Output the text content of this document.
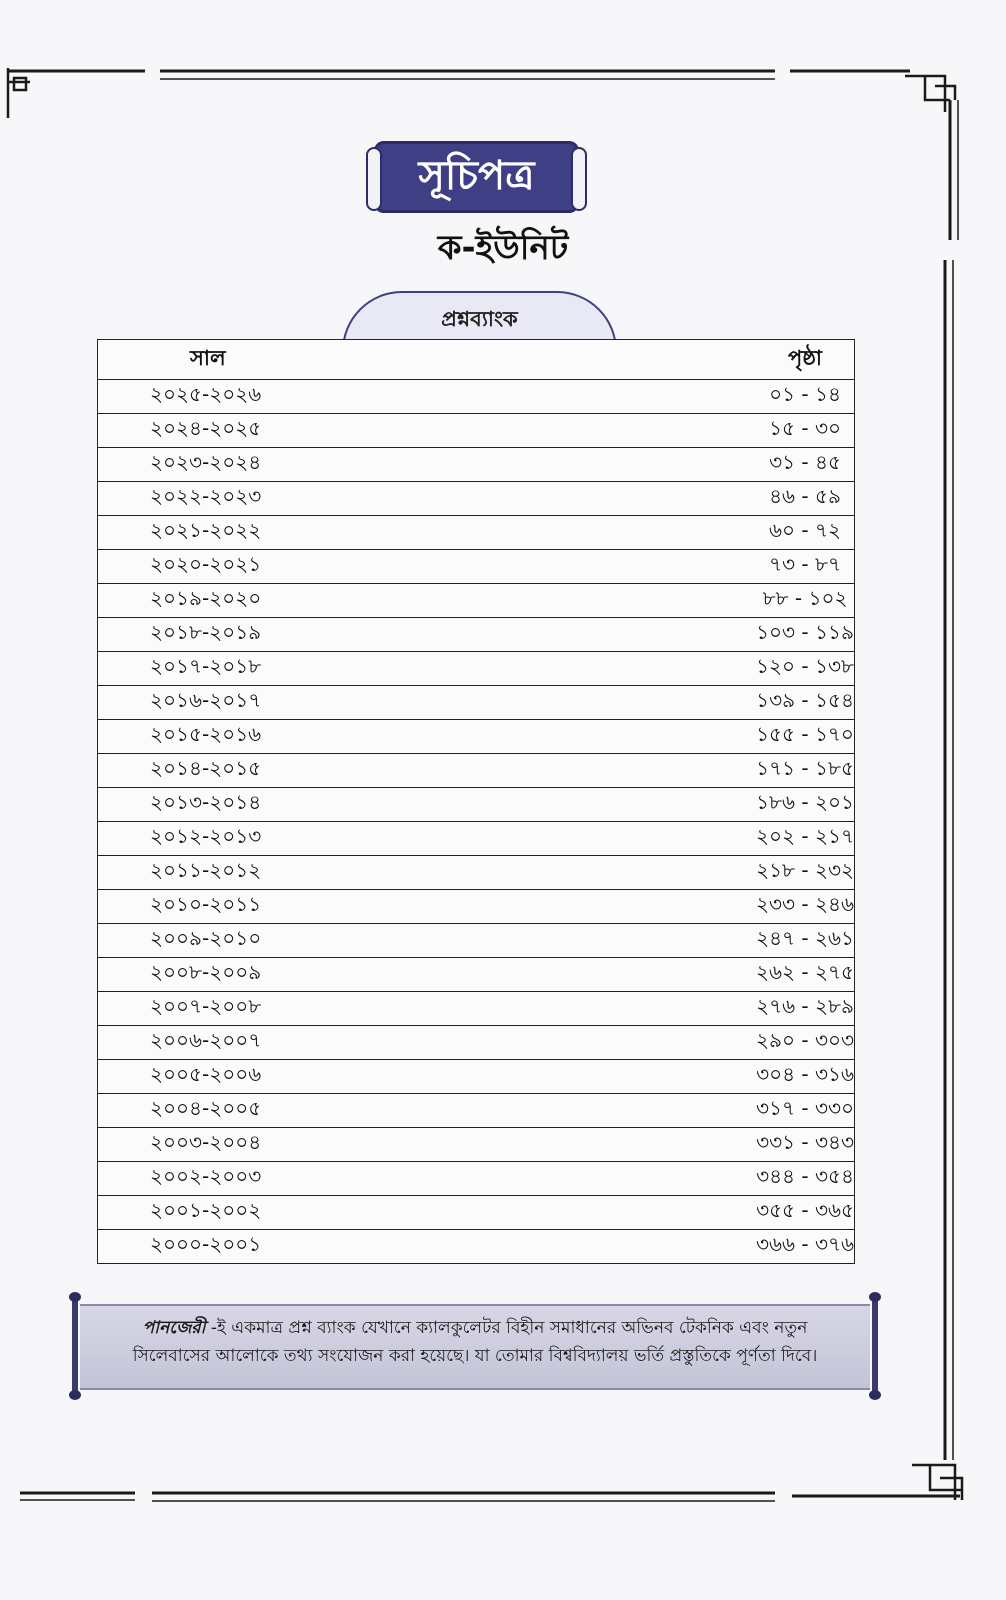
সূচিপত্র
ক-ইউনিট
প্রশ্নব্যাংক
সাল	পৃষ্ঠা
২০২৫-২০২৬	০১ - ১৪
২০২৪-২০২৫	১৫ - ৩০
২০২৩-২০২৪	৩১ - ৪৫
২০২২-২০২৩	৪৬ - ৫৯
২০২১-২০২২	৬০ - ৭২
২০২০-২০২১	৭৩ - ৮৭
২০১৯-২০২০	৮৮ - ১০২
২০১৮-২০১৯	১০৩ - ১১৯
২০১৭-২০১৮	১২০ - ১৩৮
২০১৬-২০১৭	১৩৯ - ১৫৪
২০১৫-২০১৬	১৫৫ - ১৭০
২০১৪-২০১৫	১৭১ - ১৮৫
২০১৩-২০১৪	১৮৬ - ২০১
২০১২-২০১৩	২০২ - ২১৭
২০১১-২০১২	২১৮ - ২৩২
২০১০-২০১১	২৩৩ - ২৪৬
২০০৯-২০১০	২৪৭ - ২৬১
২০০৮-২০০৯	২৬২ - ২৭৫
২০০৭-২০০৮	২৭৬ - ২৮৯
২০০৬-২০০৭	২৯০ - ৩০৩
২০০৫-২০০৬	৩০৪ - ৩১৬
২০০৪-২০০৫	৩১৭ - ৩৩০
২০০৩-২০০৪	৩৩১ - ৩৪৩
২০০২-২০০৩	৩৪৪ - ৩৫৪
২০০১-২০০২	৩৫৫ - ৩৬৫
২০০০-২০০১	৩৬৬ - ৩৭৬
পানজেরী -ই একমাত্র প্রশ্ন ব্যাংক যেখানে ক্যালকুলেটর বিহীন সমাধানের অভিনব টেকনিক এবং নতুন
সিলেবাসের আলোকে তথ্য সংযোজন করা হয়েছে। যা তোমার বিশ্ববিদ্যালয় ভর্তি প্রস্তুতিকে পূর্ণতা দিবে।
